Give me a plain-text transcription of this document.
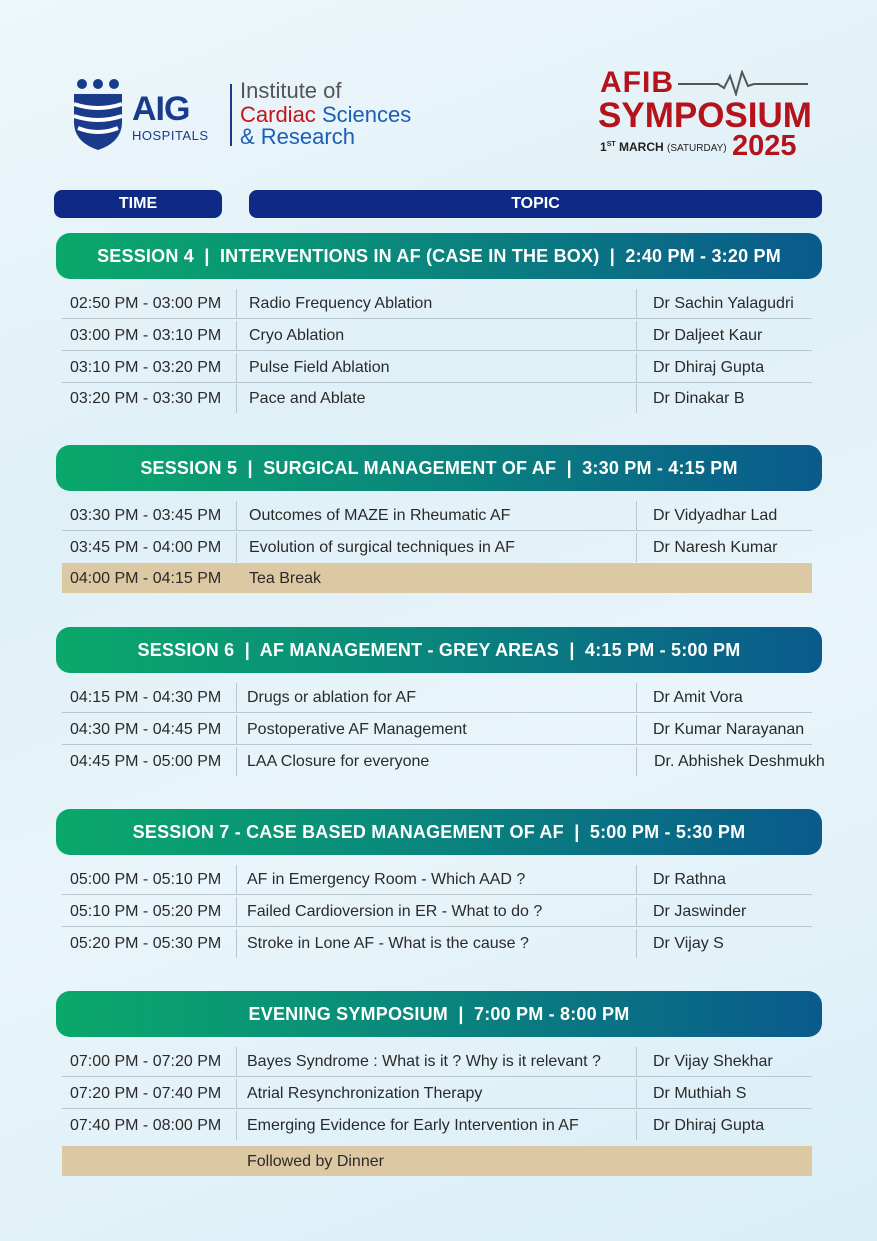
AIG
HOSPITALS
Institute of
Cardiac Sciences
& Research
AFIB
SYMPOSIUM
1ST MARCH (SATURDAY) 2025
TIME	TOPIC
SESSION 4  |  INTERVENTIONS IN AF (CASE IN THE BOX)  |  2:40 PM - 3:20 PM
02:50 PM - 03:00 PM Radio Frequency Ablation	Dr Sachin Yalagudri
03:00 PM - 03:10 PM Cryo Ablation	Dr Daljeet Kaur
03:10 PM - 03:20 PM Pulse Field Ablation	Dr Dhiraj Gupta
03:20 PM - 03:30 PM Pace and Ablate	Dr Dinakar B
SESSION 5  |  SURGICAL MANAGEMENT OF AF  |  3:30 PM - 4:15 PM
03:30 PM - 03:45 PM Outcomes of MAZE in Rheumatic AF	Dr Vidyadhar Lad
03:45 PM - 04:00 PM Evolution of surgical techniques in AF	Dr Naresh Kumar
04:00 PM - 04:15 PM Tea Break
SESSION 6  |  AF MANAGEMENT - GREY AREAS  |  4:15 PM - 5:00 PM
04:15 PM - 04:30 PM Drugs or ablation for AF	Dr Amit Vora
04:30 PM - 04:45 PM Postoperative AF Management	Dr Kumar Narayanan
04:45 PM - 05:00 PM LAA Closure for everyone	Dr. Abhishek Deshmukh
SESSION 7 - CASE BASED MANAGEMENT OF AF  |  5:00 PM - 5:30 PM
05:00 PM - 05:10 PM AF in Emergency Room - Which AAD ?	Dr Rathna
05:10 PM - 05:20 PM Failed Cardioversion in ER - What to do ?	Dr Jaswinder
05:20 PM - 05:30 PM Stroke in Lone AF - What is the cause ?	Dr Vijay S
EVENING SYMPOSIUM  |  7:00 PM - 8:00 PM
07:00 PM - 07:20 PM Bayes Syndrome : What is it ? Why is it relevant ?	Dr Vijay Shekhar
07:20 PM - 07:40 PM Atrial Resynchronization Therapy	Dr Muthiah S
07:40 PM - 08:00 PM Emerging Evidence for Early Intervention in AF	Dr Dhiraj Gupta
Followed by Dinner
